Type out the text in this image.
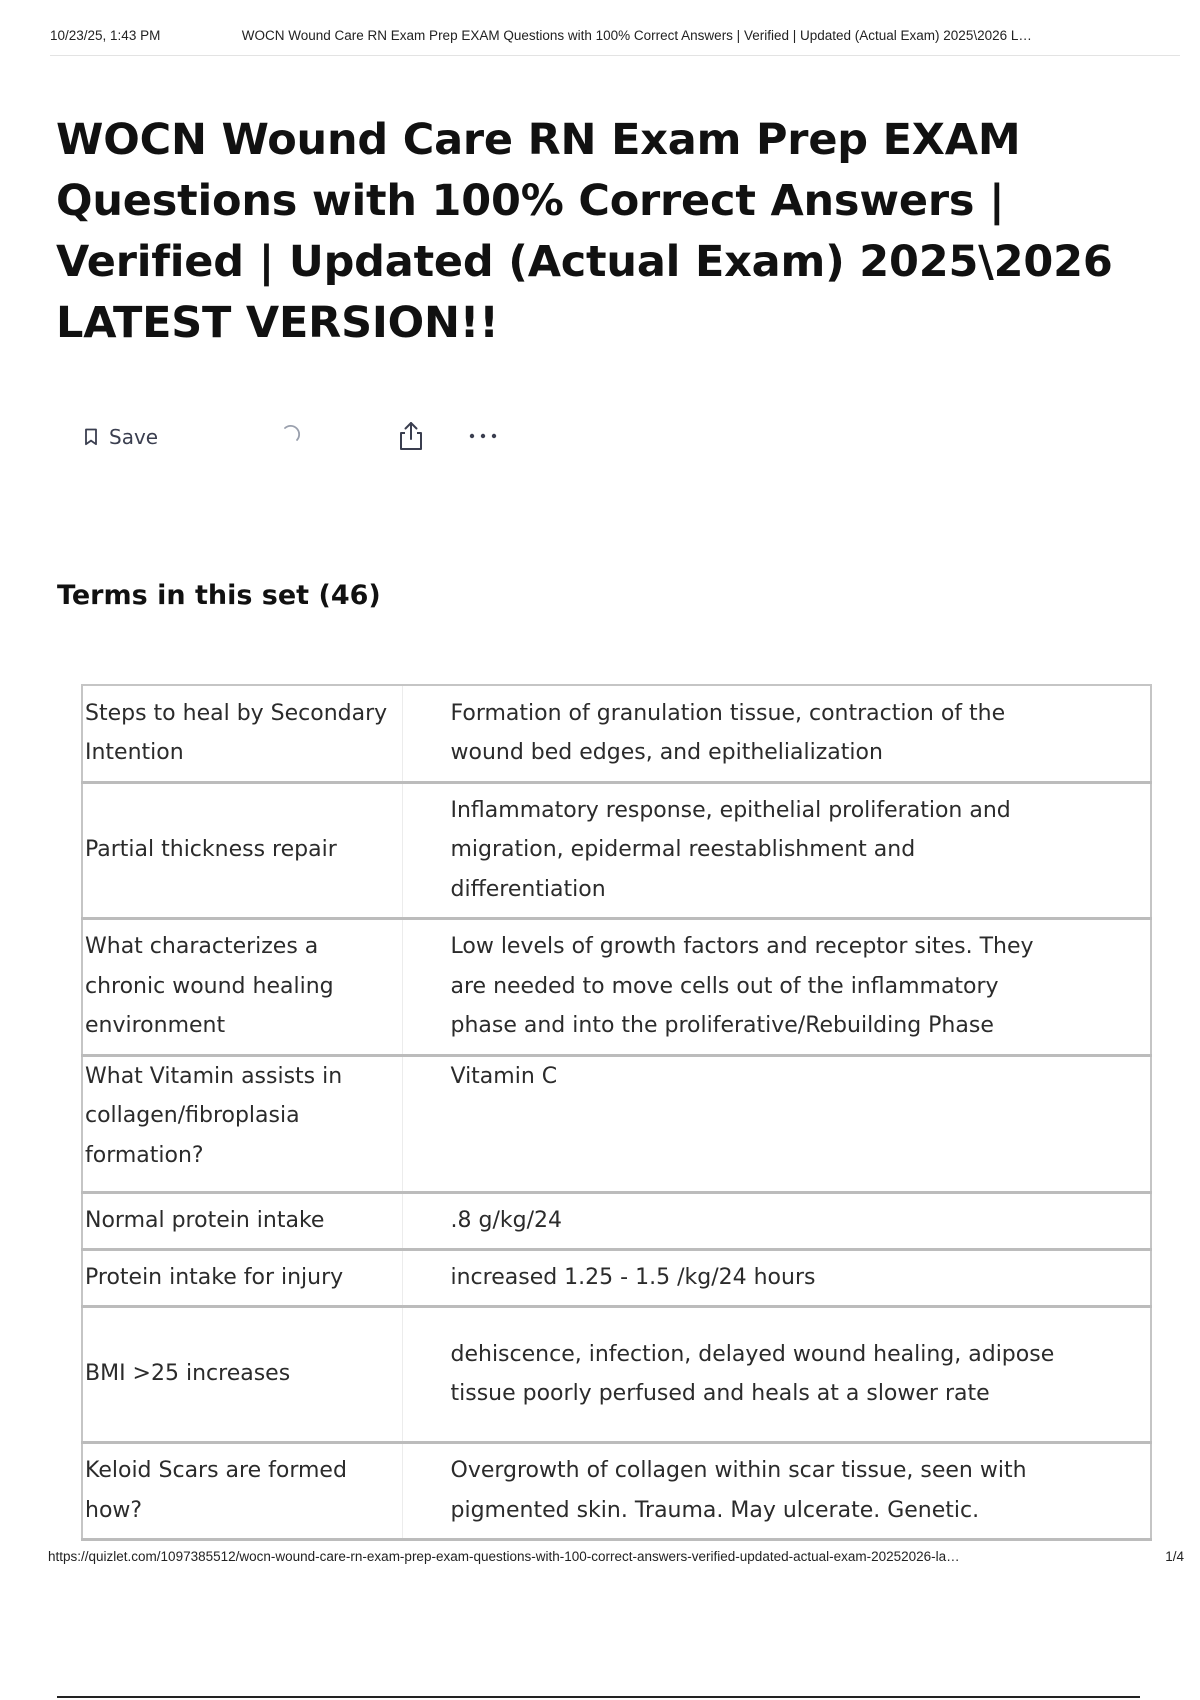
10/23/25, 1:43 PM	WOCN Wound Care RN Exam Prep EXAM Questions with 100% Correct Answers | Verified | Updated (Actual Exam) 2025\2026 L…
WOCN Wound Care RN Exam Prep EXAM Questions with 100% Correct Answers | Verified | Updated (Actual Exam) 2025\2026 LATEST VERSION!!
Save
Terms in this set (46)
Steps to heal by Secondary Intention	Formation of granulation tissue, contraction of the wound bed edges, and epithelialization
Partial thickness repair	Inflammatory response, epithelial proliferation and migration, epidermal reestablishment and differentiation
What characterizes a chronic wound healing environment	Low levels of growth factors and receptor sites. They are needed to move cells out of the inflammatory phase and into the proliferative/Rebuilding Phase
What Vitamin assists in collagen/fibroplasia formation?	Vitamin C
Normal protein intake	.8 g/kg/24
Protein intake for injury	increased 1.25 - 1.5 /kg/24 hours
BMI >25 increases	dehiscence, infection, delayed wound healing, adipose tissue poorly perfused and heals at a slower rate
Keloid Scars are formed how?	Overgrowth of collagen within scar tissue, seen with pigmented skin. Trauma. May ulcerate. Genetic.
https://quizlet.com/1097385512/wocn-wound-care-rn-exam-prep-exam-questions-with-100-correct-answers-verified-updated-actual-exam-20252026-la…	1/4
